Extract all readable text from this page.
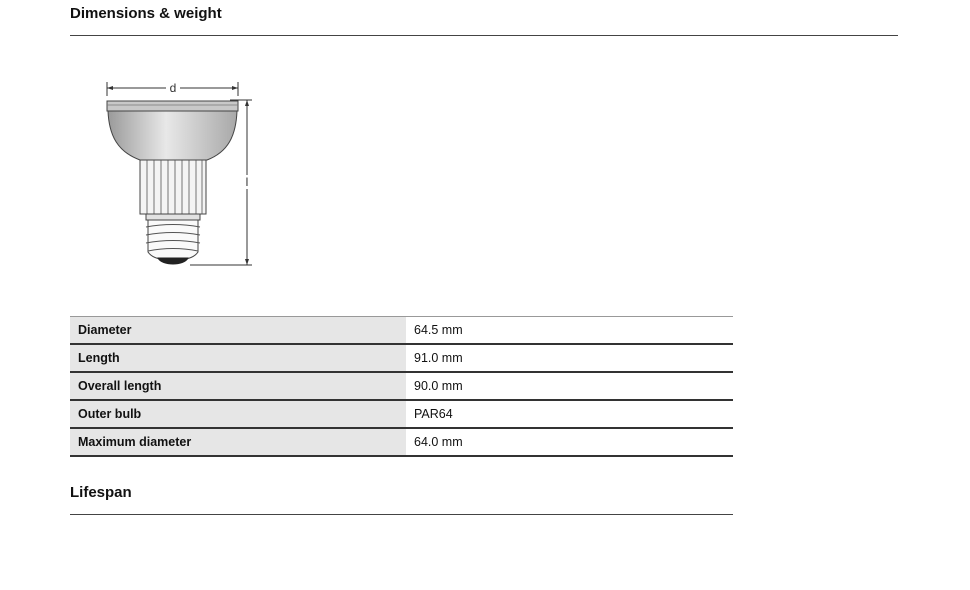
Dimensions & weight
d
l
Diameter	64.5 mm
Length	91.0 mm
Overall length	90.0 mm
Outer bulb	PAR64
Maximum diameter	64.0 mm
Lifespan
